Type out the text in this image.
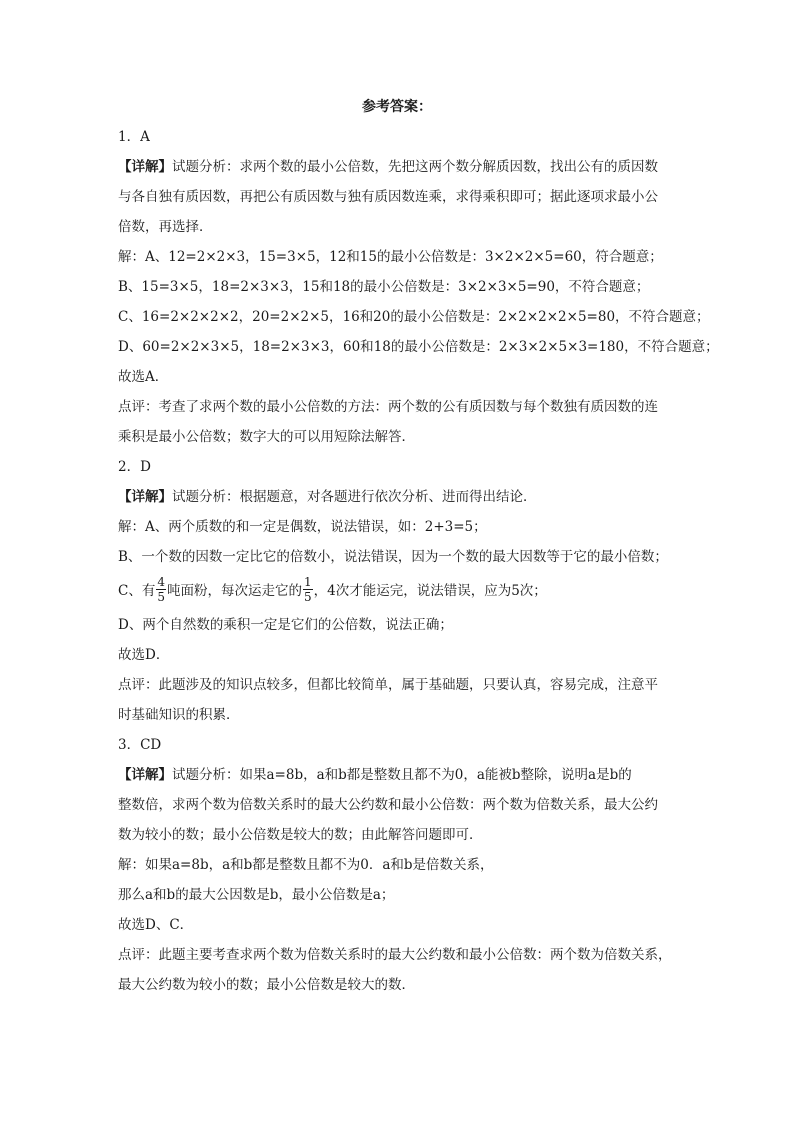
参考答案：
1．A
【详解】试题分析：求两个数的最小公倍数，先把这两个数分解质因数，找出公有的质因数
与各自独有质因数，再把公有质因数与独有质因数连乘，求得乘积即可；据此逐项求最小公
倍数，再选择．
解：A、12=2×2×3，15=3×5，12和15的最小公倍数是：3×2×2×5=60，符合题意；
B、15=3×5，18=2×3×3，15和18的最小公倍数是：3×2×3×5=90，不符合题意；
C、16=2×2×2×2，20=2×2×5，16和20的最小公倍数是：2×2×2×2×5=80，不符合题意；
D、60=2×2×3×5，18=2×3×3，60和18的最小公倍数是：2×3×2×5×3=180，不符合题意；
故选A．
点评：考查了求两个数的最小公倍数的方法：两个数的公有质因数与每个数独有质因数的连
乘积是最小公倍数；数字大的可以用短除法解答．
2．D
【详解】试题分析：根据题意，对各题进行依次分析、进而得出结论．
解：A、两个质数的和一定是偶数，说法错误，如：2+3=5；
B、一个数的因数一定比它的倍数小，说法错误，因为一个数的最大因数等于它的最小倍数；
C、有 $\frac{4}{5}$ 吨面粉，每次运走它的 $\frac{1}{5}$ ，4次才能运完，说法错误，应为5次；
D、两个自然数的乘积一定是它们的公倍数，说法正确；
故选D．
点评：此题涉及的知识点较多，但都比较简单，属于基础题，只要认真，容易完成，注意平
时基础知识的积累．
3．CD
【详解】试题分析：如果a=8b，a和b都是整数且都不为0，a能被b整除，说明a是b的
整数倍，求两个数为倍数关系时的最大公约数和最小公倍数：两个数为倍数关系，最大公约
数为较小的数；最小公倍数是较大的数；由此解答问题即可．
解：如果a=8b，a和b都是整数且都不为0．a和b是倍数关系，
那么a和b的最大公因数是b，最小公倍数是a；
故选D、C．
点评：此题主要考查求两个数为倍数关系时的最大公约数和最小公倍数：两个数为倍数关系，
最大公约数为较小的数；最小公倍数是较大的数．
